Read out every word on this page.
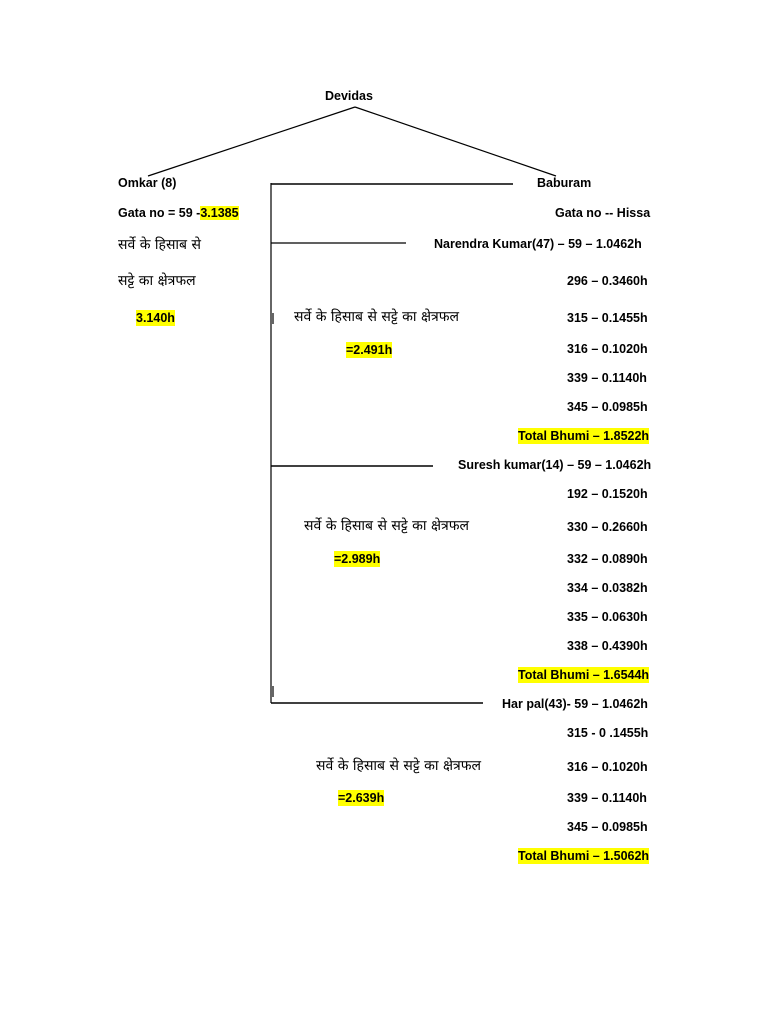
Devidas
Omkar (8)
Gata no = 59 -3.1385
सर्वे के हिसाब से
सट्टे का क्षेत्रफल
3.140h
Baburam
Gata no -- Hissa
Narendra Kumar(47) – 59 – 1.0462h
सर्वे के हिसाब से सट्टे का क्षेत्रफल
=2.491h
296 – 0.3460h
315 – 0.1455h
316 – 0.1020h
339 – 0.1140h
345 – 0.0985h
Total Bhumi – 1.8522h
Suresh kumar(14) – 59 – 1.0462h
192 – 0.1520h
सर्वे के हिसाब से सट्टे का क्षेत्रफल	330 – 0.2660h
=2.989h	332 – 0.0890h
334 – 0.0382h
335 – 0.0630h
338 – 0.4390h
Total Bhumi – 1.6544h
Har pal(43)- 59 – 1.0462h
315 - 0 .1455h
सर्वे के हिसाब से सट्टे का क्षेत्रफल	316 – 0.1020h
=2.639h	339 – 0.1140h
345 – 0.0985h
Total Bhumi – 1.5062h
